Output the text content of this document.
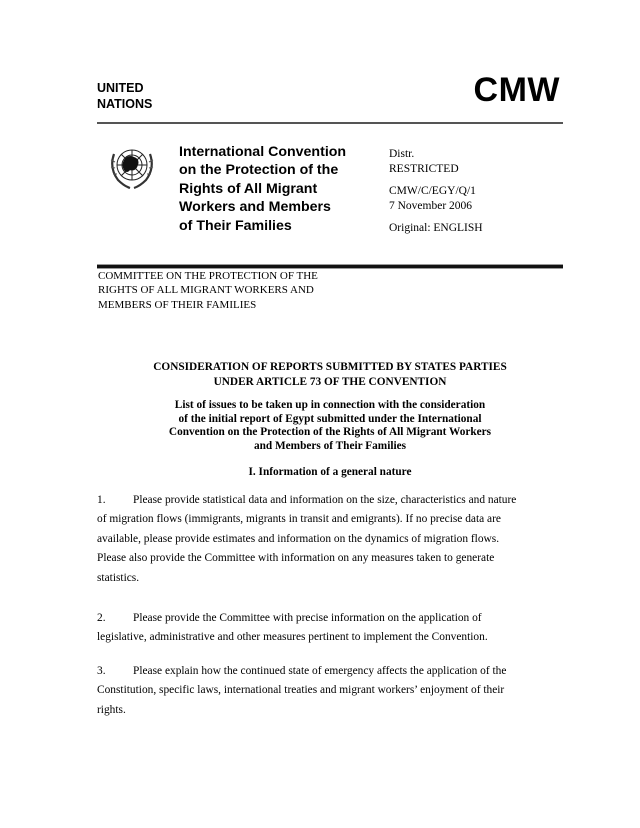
UNITED
NATIONS	CMW
International Convention
on the Protection of the
Rights of All Migrant
Workers and Members
of Their Families
Distr.
RESTRICTED
CMW/C/EGY/Q/1
7 November 2006
Original: ENGLISH
COMMITTEE ON THE PROTECTION OF THE
RIGHTS OF ALL MIGRANT WORKERS AND
MEMBERS OF THEIR FAMILIES
CONSIDERATION OF REPORTS SUBMITTED BY STATES PARTIES
UNDER ARTICLE 73 OF THE CONVENTION
List of issues to be taken up in connection with the consideration
of the initial report of Egypt submitted under the International
Convention on the Protection of the Rights of All Migrant Workers
and Members of Their Families
I. Information of a general nature
1. Please provide statistical data and information on the size, characteristics and nature
of migration flows (immigrants, migrants in transit and emigrants). If no precise data are
available, please provide estimates and information on the dynamics of migration flows.
Please also provide the Committee with information on any measures taken to generate
statistics.
2. Please provide the Committee with precise information on the application of
legislative, administrative and other measures pertinent to implement the Convention.
3. Please explain how the continued state of emergency affects the application of the
Constitution, specific laws, international treaties and migrant workers’ enjoyment of their
rights.
